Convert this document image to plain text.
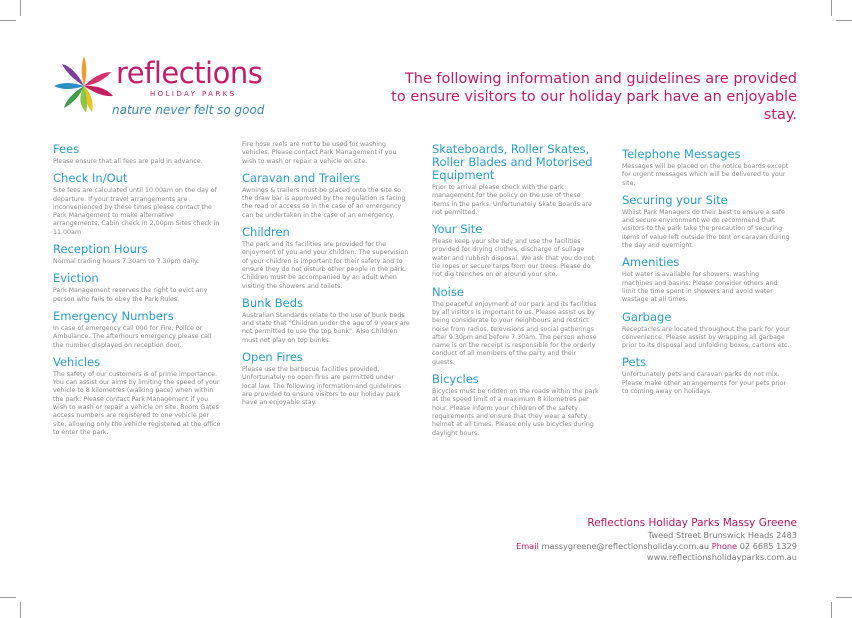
reflections
HOLIDAY PARKS
nature never felt so good
The following information and guidelines are provided
to ensure visitors to our holiday park have an enjoyable stay.
Fees

Please ensure that all fees are paid in advance.

Check In/Out

Site fees are calculated until 10.00am on the day of departure. If your travel arrangements are inconvenienced by these times please contact the Park Management to make alternative arrangements. Cabin check in 2.00pm Sites check in 11.00am

Reception Hours

Normal trading hours 7.30am to 7.30pm daily.

Eviction

Park Management reserves the right to evict any person who fails to obey the Park Rules.

Emergency Numbers

In case of emergency call 000 for Fire, Police or Ambulance. The afterhours emergency please call the number displayed on reception door.

Vehicles

The safety of our customers is of prime importance. You can assist our aims by limiting the speed of your vehicle to 8 kilometres (walking pace) when within the park. Please contact Park Management if you wish to wash or repair a vehicle on site. Boom Gates access numbers are registered to one vehicle per site, allowing only the vehicle registered at the office to enter the park.

Fire hose reels are not to be used for washing vehicles. Please contact Park Management if you wish to wash or repair a vehicle on site.

Caravan and Trailers

Awnings & trailers must be placed onto the site so the draw bar is approved by the regulation is facing the road or access so in the case of an emergency can be undertaken in the case of an emergency.

Children

The park and its facilities are provided for the enjoyment of you and your children. The supervision of your children is important for their safety and to ensure they do not disturb other people in the park. Children must be accompanied by an adult when visiting the showers and toilets.

Bunk Beds

Australian Standards relate to the use of bunk beds and state that "Children under the age of 9 years are not permitted to use the top bunk". Also Children must not play on top bunks.

Open Fires

Please use the barbecue facilities provided. Unfortunately no open fires are permitted under local law. The following information and guidelines are provided to ensure visitors to our holiday park have an enjoyable stay.

Skateboards, Roller Skates, Roller Blades and Motorised Equipment

Prior to arrival please check with the park management for the policy on the use of these items in the parks. Unfortunately Skate Boards are not permitted.

Your Site

Please keep your site tidy and use the facilities provided for drying clothes, discharge of sullage water and rubbish disposal. We ask that you do not tie ropes or secure tarps from our trees. Please do not dig trenches on or around your site.

Noise

The peaceful enjoyment of our park and its facilities by all visitors is important to us. Please assist us by being considerate to your neighbours and restrict noise from radios, televisions and social gatherings after 9.30pm and before 7.30am. The person whose name is on the receipt is responsible for the orderly conduct of all members of the party and their guests.

Bicycles

Bicycles must be ridden on the roads within the park at the speed limit of a maximum 8 kilometres per hour. Please inform your children of the safety requirements and ensure that they wear a safety helmet at all times. Please only use bicycles during daylight hours.

Telephone Messages

Messages will be placed on the notice boards except for urgent messages which will be delivered to your site.

Securing your Site

Whilst Park Managers do their best to ensure a safe and secure environment we do recommend that visitors to the park take the precaution of securing items of value left outside the tent or caravan during the day and overnight.

Amenities

Hot water is available for showers, washing machines and basins. Please consider others and limit the time spent in showers and avoid water wastage at all times.

Garbage

Receptacles are located throughout the park for your convenience. Please assist by wrapping all garbage prior to its disposal and unfolding boxes, cartons etc.

Pets

Unfortunately pets and caravan parks do not mix. Please make other arrangements for your pets prior to coming away on holidays.

Reflections Holiday Parks Massy Greene
Tweed Street Brunswick Heads 2483
Email massygreene@reflectionsholiday.com.au Phone 02 6685 1329
www.reflectionsholidayparks.com.au
